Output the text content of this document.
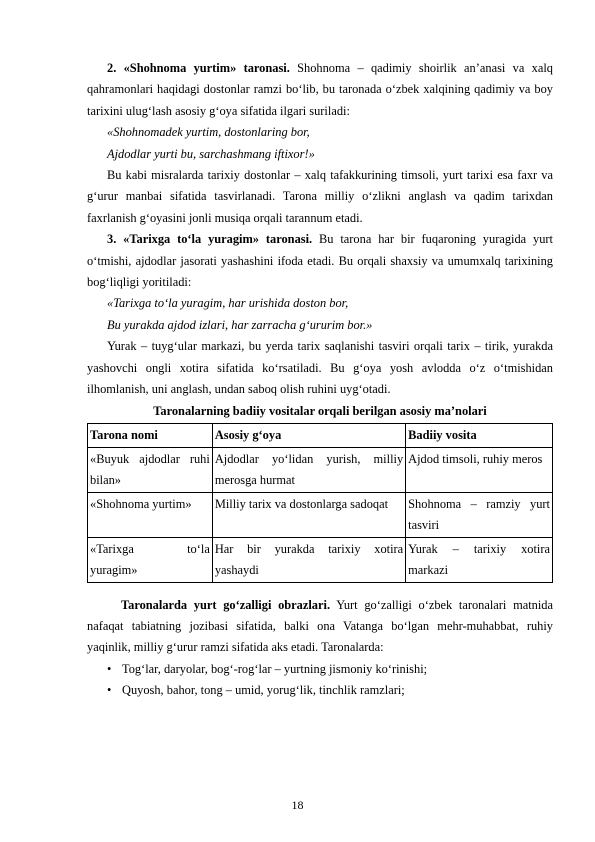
2. «Shohnoma yurtim» taronasi. Shohnoma – qadimiy shoirlik an’anasi va xalq qahramonlari haqidagi dostonlar ramzi bo‘lib, bu taronada o‘zbek xalqining qadimiy va boy tarixini ulug‘lash asosiy g‘oya sifatida ilgari suriladi:

«Shohnomadek yurtim, dostonlaring bor,
Ajdodlar yurti bu, sarchashmang iftixor!»

Bu kabi misralarda tarixiy dostonlar – xalq tafakkurining timsoli, yurt tarixi esa faxr va g‘urur manbai sifatida tasvirlanadi. Tarona milliy o‘zlikni anglash va qadim tarixdan faxrlanish g‘oyasini jonli musiqa orqali tarannum etadi.

3. «Tarixga to‘la yuragim» taronasi. Bu tarona har bir fuqaroning yuragida yurt o‘tmishi, ajdodlar jasorati yashashini ifoda etadi. Bu orqali shaxsiy va umumxalq tarixining bog‘liqligi yoritiladi:

«Tarixga to‘la yuragim, har urishida doston bor,
Bu yurakda ajdod izlari, har zarracha g‘ururim bor.»

Yurak – tuyg‘ular markazi, bu yerda tarix saqlanishi tasviri orqali tarix – tirik, yurakda yashovchi ongli xotira sifatida ko‘rsatiladi. Bu g‘oya yosh avlodda o‘z o‘tmishidan ilhomlanish, uni anglash, undan saboq olish ruhini uyg‘otadi.

Taronalarning badiiy vositalar orqali berilgan asosiy ma’nolari
Tarona nomi	Asosiy g‘oya	Badiiy vosita
«Buyuk ajdodlar ruhi bilan»	Ajdodlar yo‘lidan yurish, milliy merosga hurmat	Ajdod timsoli, ruhiy meros
«Shohnoma yurtim»	Milliy tarix va dostonlarga sadoqat	Shohnoma – ramziy yurt tasviri
«Tarixga to‘la yuragim»	Har bir yurakda tarixiy xotira yashaydi	Yurak – tarixiy xotira markazi

Taronalarda yurt go‘zalligi obrazlari. Yurt go‘zalligi o‘zbek taronalari matnida nafaqat tabiatning jozibasi sifatida, balki ona Vatanga bo‘lgan mehr-muhabbat, ruhiy yaqinlik, milliy g‘urur ramzi sifatida aks etadi. Taronalarda:

• Tog‘lar, daryolar, bog‘-rog‘lar – yurtning jismoniy ko‘rinishi;
• Quyosh, bahor, tong – umid, yorug‘lik, tinchlik ramzlari;
18
